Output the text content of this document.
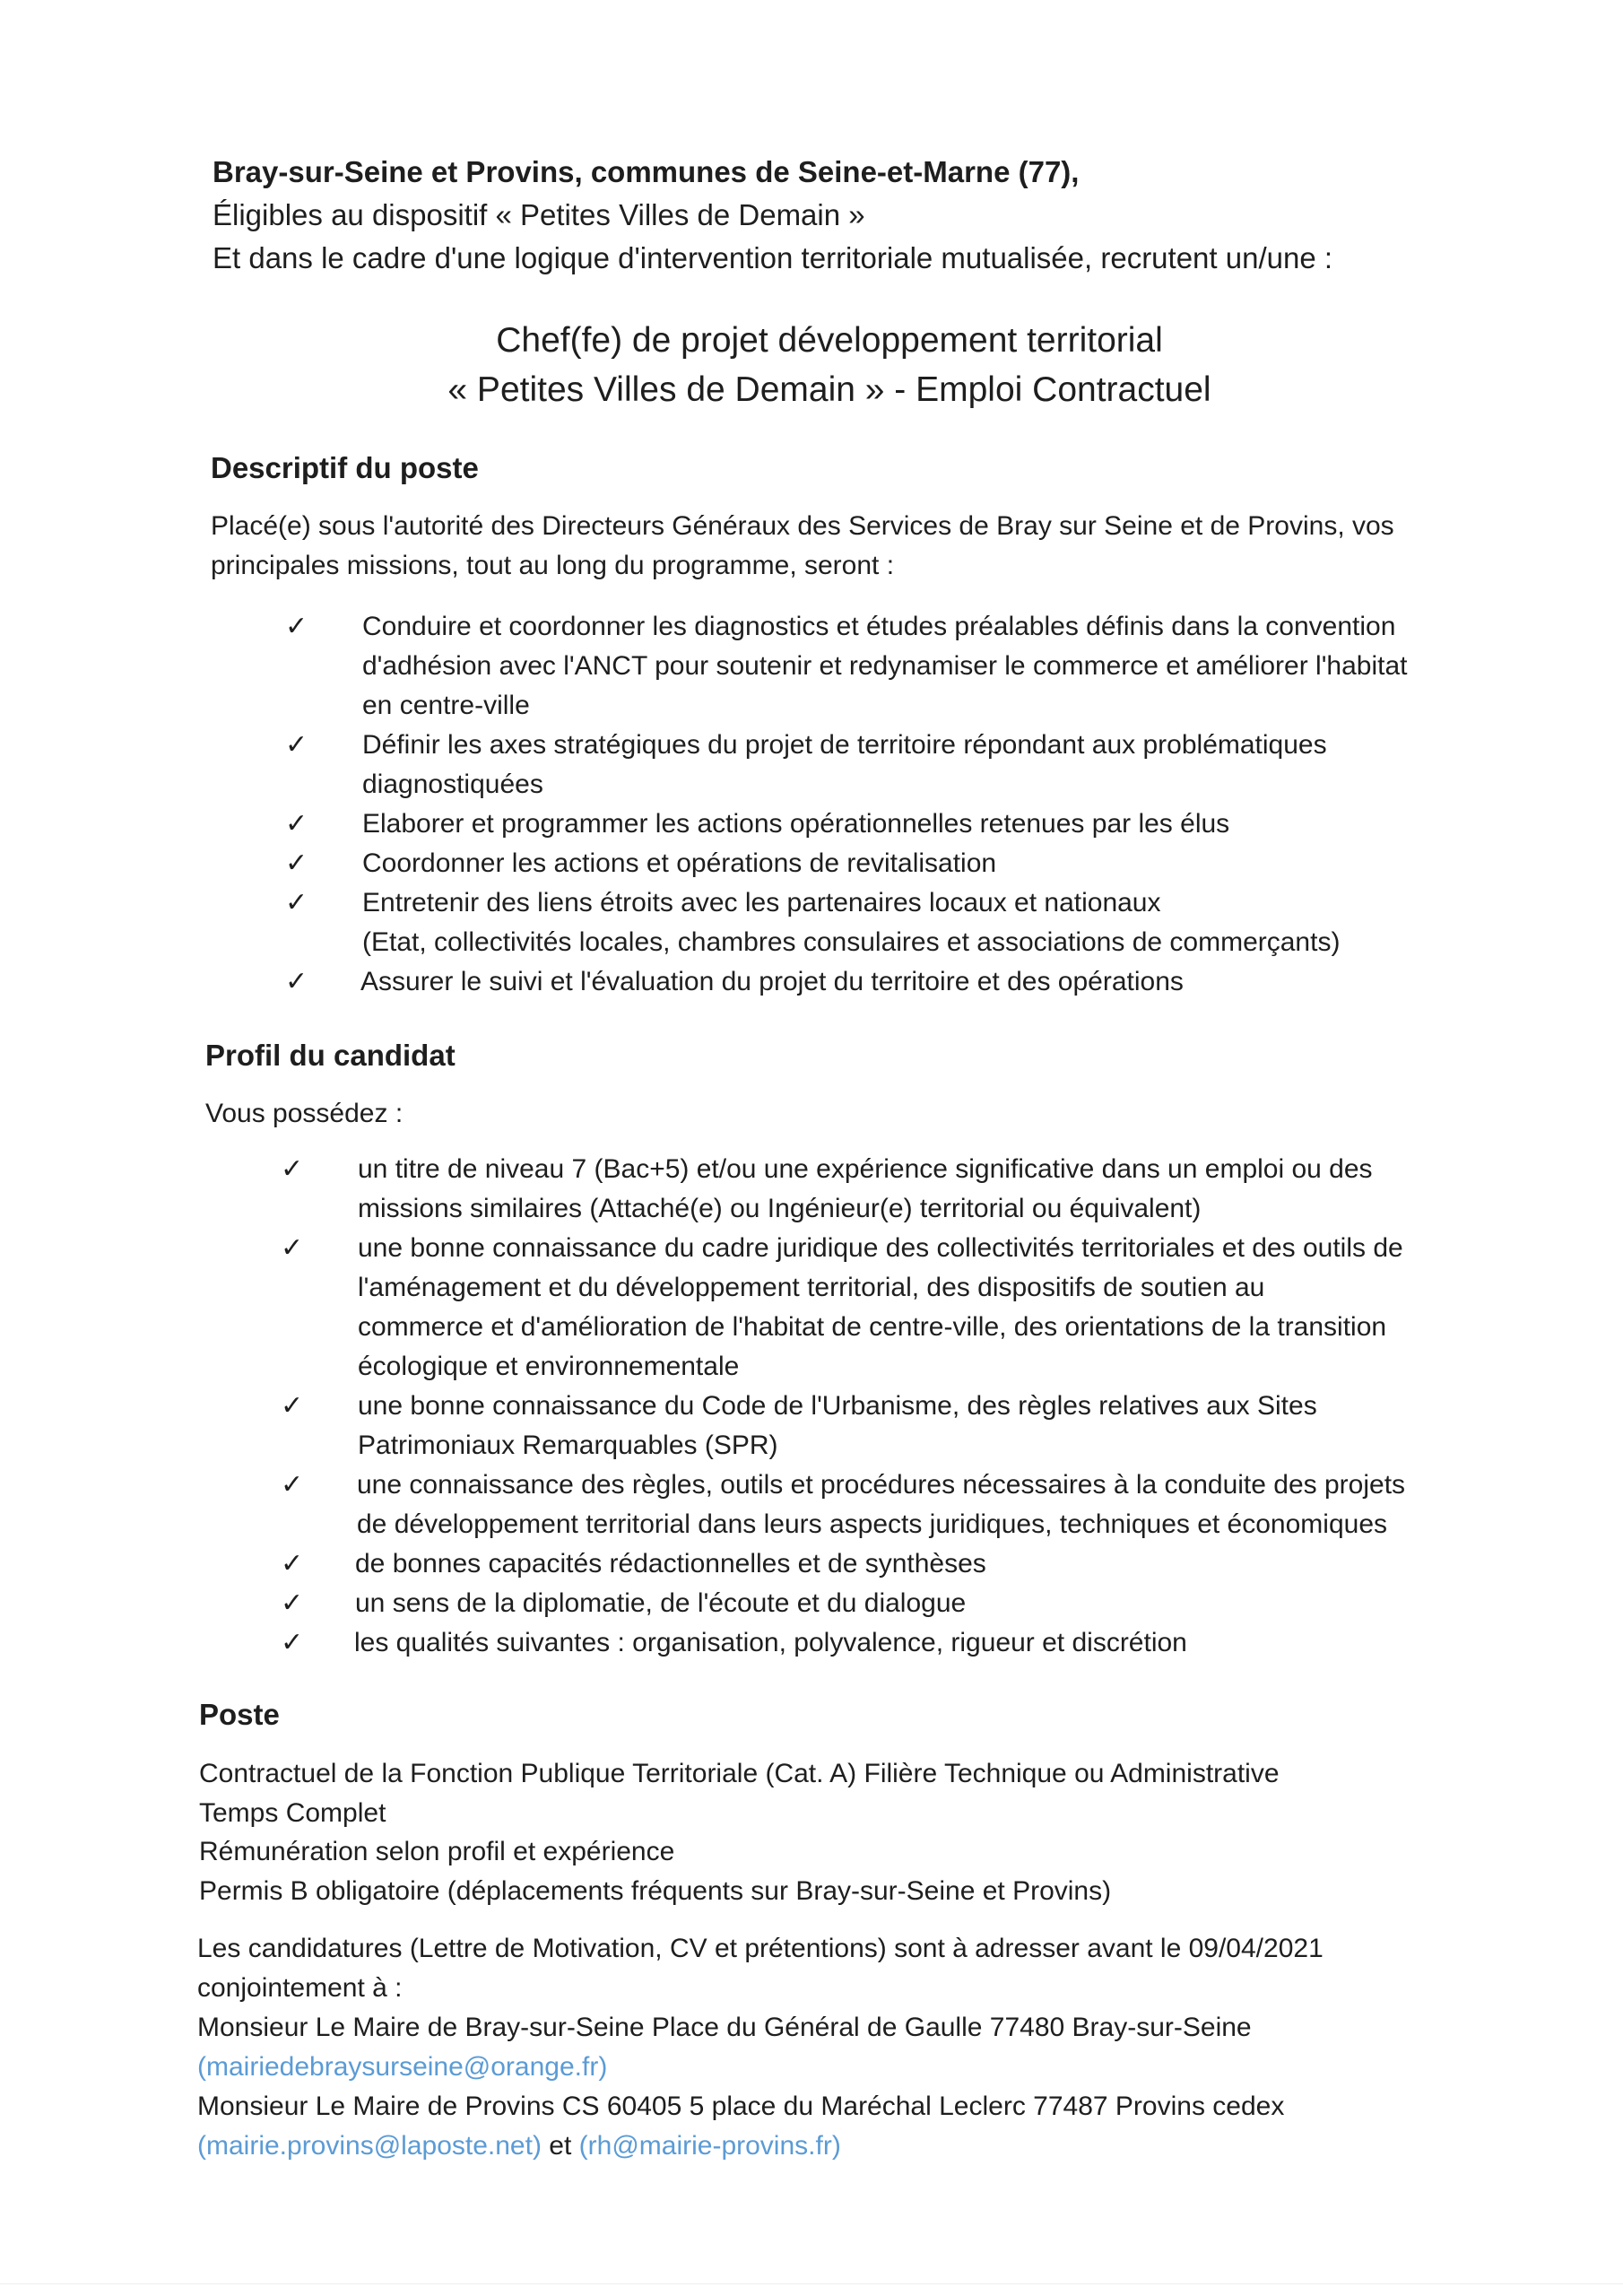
Bray-sur-Seine et Provins, communes de Seine-et-Marne (77),
Éligibles au dispositif « Petites Villes de Demain »
Et dans le cadre d'une logique d'intervention territoriale mutualisée, recrutent un/une :
Chef(fe) de projet développement territorial
« Petites Villes de Demain » - Emploi Contractuel
Descriptif du poste
Placé(e) sous l'autorité des Directeurs Généraux des Services de Bray sur Seine et de Provins, vos
principales missions, tout au long du programme, seront :
✓ Conduire et coordonner les diagnostics et études préalables définis dans la convention
d'adhésion avec l'ANCT pour soutenir et redynamiser le commerce et améliorer l'habitat
en centre-ville
✓ Définir les axes stratégiques du projet de territoire répondant aux problématiques
diagnostiquées
✓ Elaborer et programmer les actions opérationnelles retenues par les élus
✓ Coordonner les actions et opérations de revitalisation
✓ Entretenir des liens étroits avec les partenaires locaux et nationaux
(Etat, collectivités locales, chambres consulaires et associations de commerçants)
✓ Assurer le suivi et l'évaluation du projet du territoire et des opérations
Profil du candidat
Vous possédez :
✓ un titre de niveau 7 (Bac+5) et/ou une expérience significative dans un emploi ou des
missions similaires (Attaché(e) ou Ingénieur(e) territorial ou équivalent)
✓ une bonne connaissance du cadre juridique des collectivités territoriales et des outils de
l'aménagement et du développement territorial, des dispositifs de soutien au
commerce et d'amélioration de l'habitat de centre-ville, des orientations de la transition
écologique et environnementale
✓ une bonne connaissance du Code de l'Urbanisme, des règles relatives aux Sites
Patrimoniaux Remarquables (SPR)
✓ une connaissance des règles, outils et procédures nécessaires à la conduite des projets
de développement territorial dans leurs aspects juridiques, techniques et économiques
✓ de bonnes capacités rédactionnelles et de synthèses
✓ un sens de la diplomatie, de l'écoute et du dialogue
✓ les qualités suivantes : organisation, polyvalence, rigueur et discrétion
Poste
Contractuel de la Fonction Publique Territoriale (Cat. A) Filière Technique ou Administrative
Temps Complet
Rémunération selon profil et expérience
Permis B obligatoire (déplacements fréquents sur Bray-sur-Seine et Provins)
Les candidatures (Lettre de Motivation, CV et prétentions) sont à adresser avant le 09/04/2021
conjointement à :
Monsieur Le Maire de Bray-sur-Seine Place du Général de Gaulle 77480 Bray-sur-Seine
(mairiedebraysurseine@orange.fr)
Monsieur Le Maire de Provins CS 60405 5 place du Maréchal Leclerc 77487 Provins cedex
(mairie.provins@laposte.net) et (rh@mairie-provins.fr)
